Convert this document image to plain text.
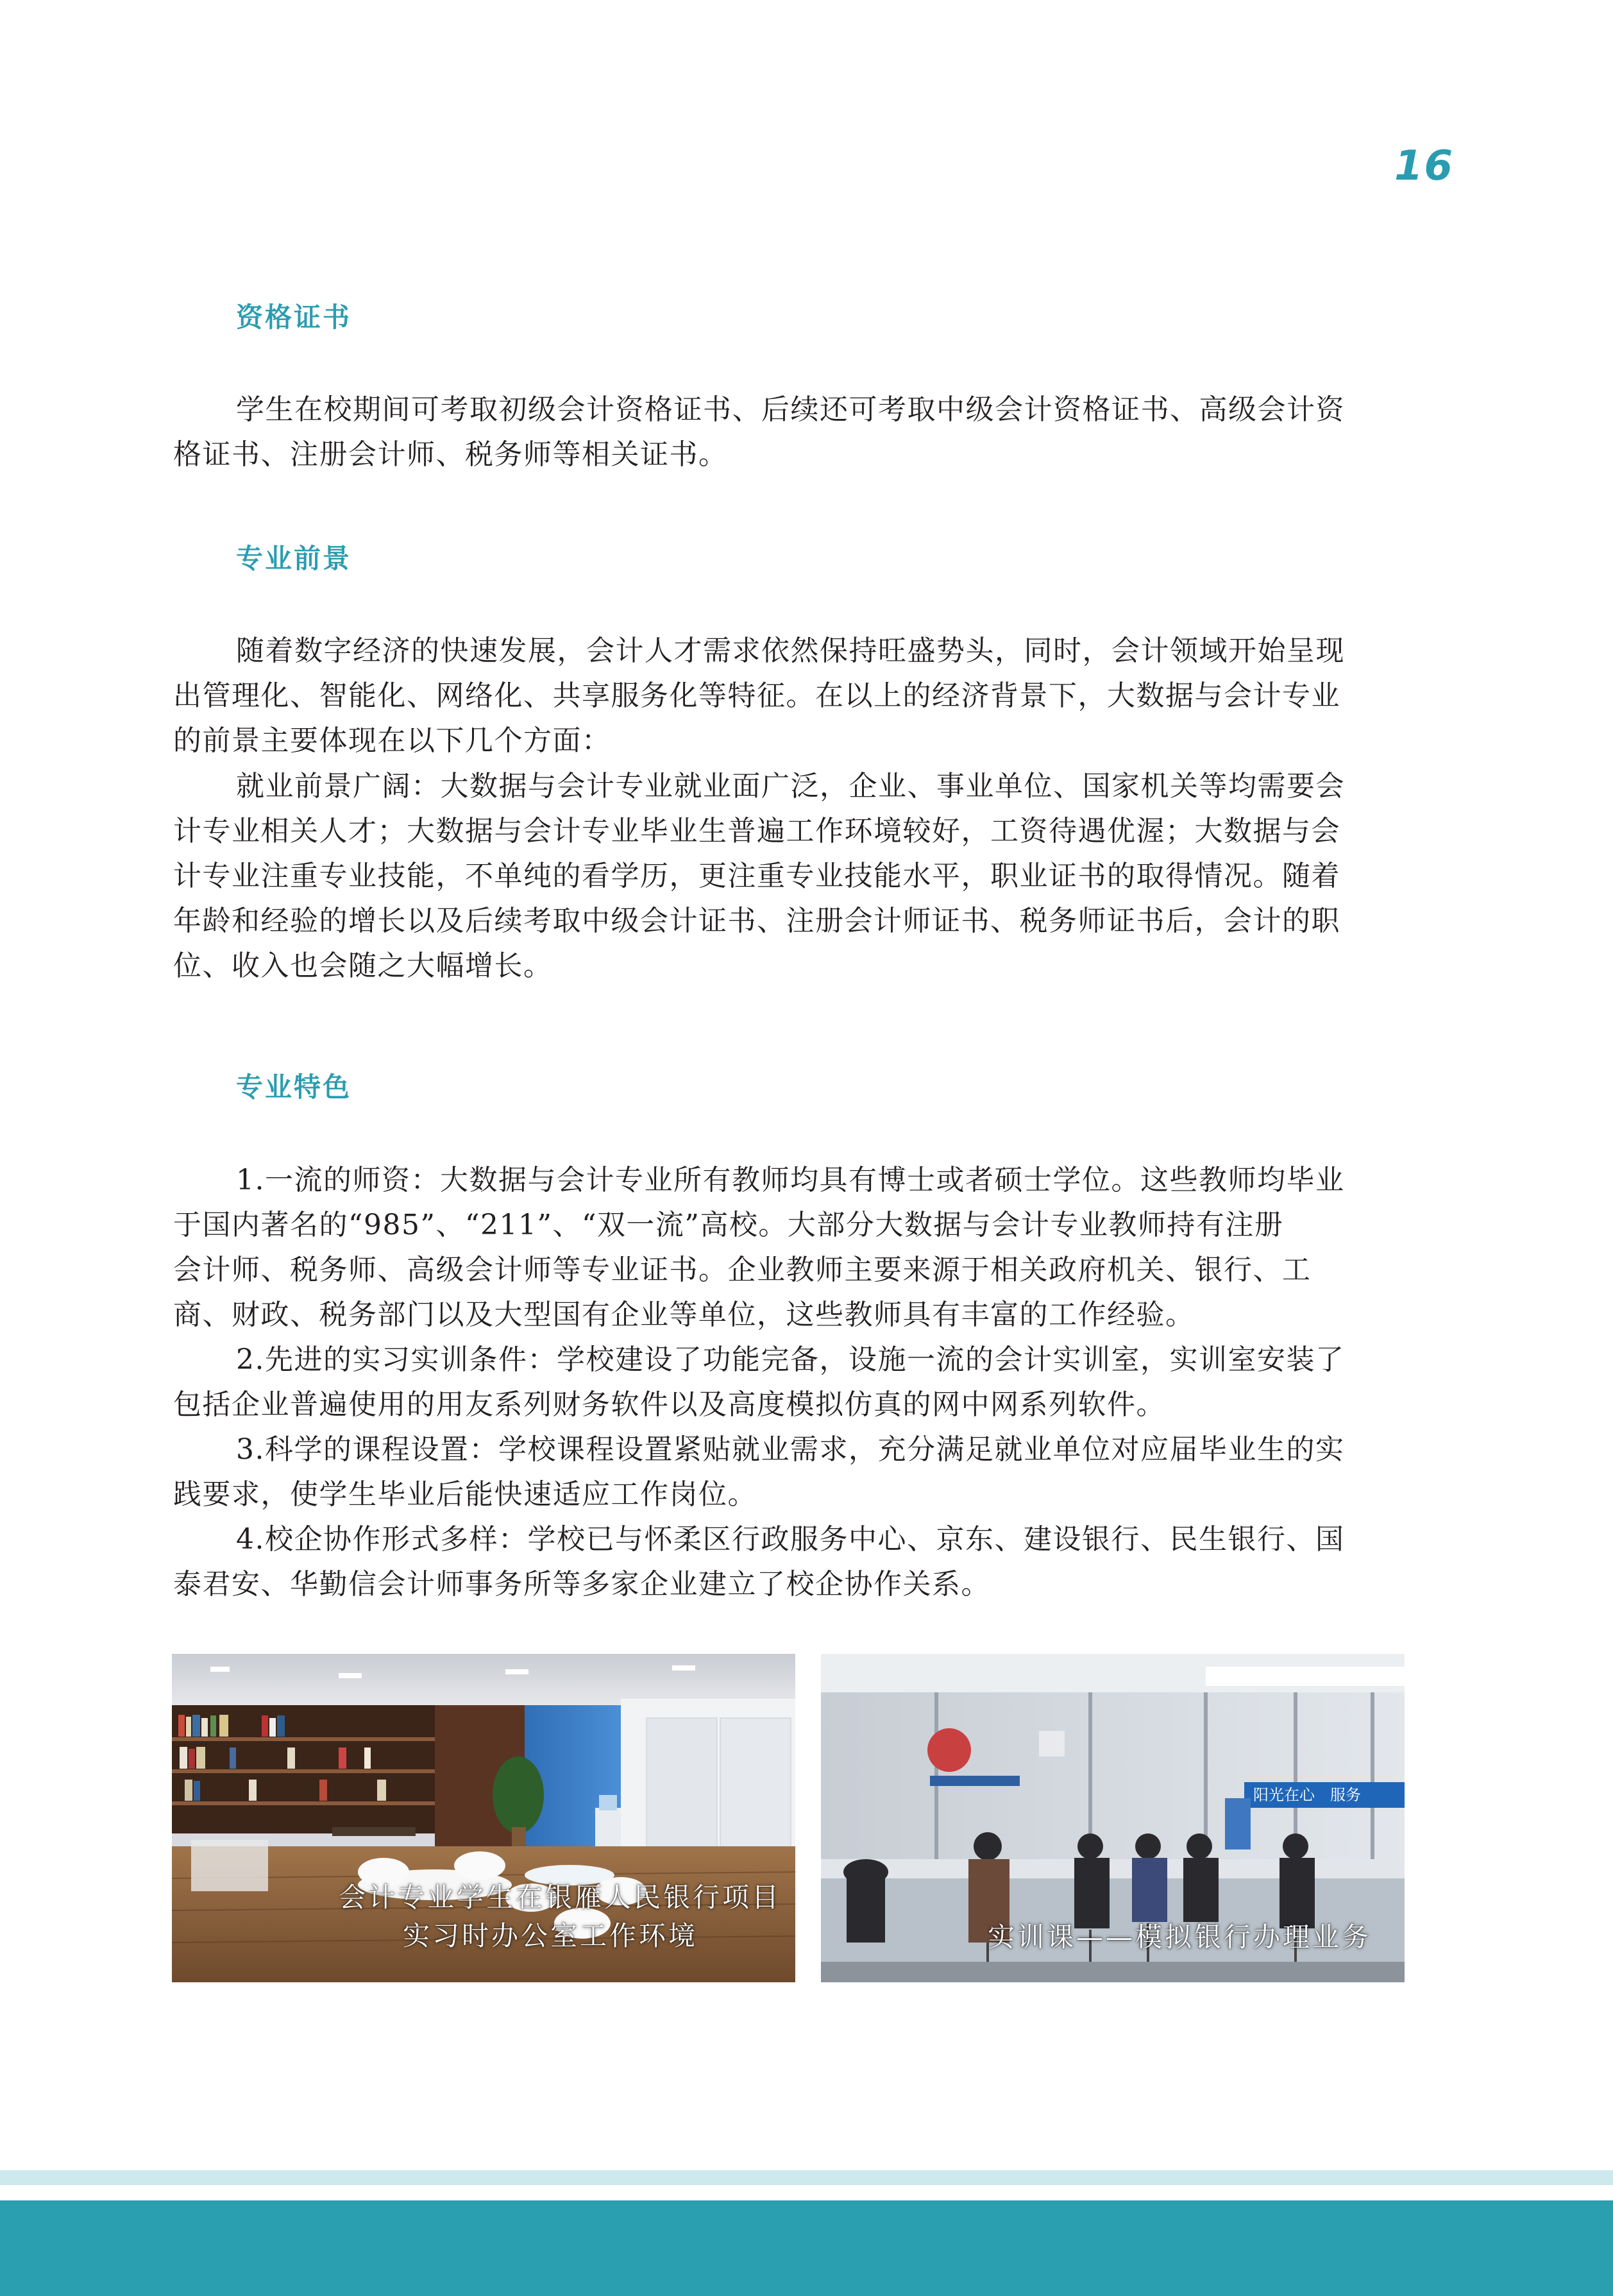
16
资格证书
学生在校期间可考取初级会计资格证书、后续还可考取中级会计资格证书、高级会计资
格证书、注册会计师、税务师等相关证书。
专业前景
随着数字经济的快速发展，会计人才需求依然保持旺盛势头，同时，会计领域开始呈现
出管理化、智能化、网络化、共享服务化等特征。在以上的经济背景下，大数据与会计专业
的前景主要体现在以下几个方面：
就业前景广阔：大数据与会计专业就业面广泛，企业、事业单位、国家机关等均需要会
计专业相关人才；大数据与会计专业毕业生普遍工作环境较好，工资待遇优渥；大数据与会
计专业注重专业技能，不单纯的看学历，更注重专业技能水平，职业证书的取得情况。随着
年龄和经验的增长以及后续考取中级会计证书、注册会计师证书、税务师证书后，会计的职
位、收入也会随之大幅增长。
专业特色
1.一流的师资：大数据与会计专业所有教师均具有博士或者硕士学位。这些教师均毕业
于国内著名的“985”、“211”、“双一流”高校。大部分大数据与会计专业教师持有注册
会计师、税务师、高级会计师等专业证书。企业教师主要来源于相关政府机关、银行、工
商、财政、税务部门以及大型国有企业等单位，这些教师具有丰富的工作经验。
2.先进的实习实训条件：学校建设了功能完备，设施一流的会计实训室，实训室安装了
包括企业普遍使用的用友系列财务软件以及高度模拟仿真的网中网系列软件。
3.科学的课程设置：学校课程设置紧贴就业需求，充分满足就业单位对应届毕业生的实
践要求，使学生毕业后能快速适应工作岗位。
4.校企协作形式多样：学校已与怀柔区行政服务中心、京东、建设银行、民生银行、国
泰君安、华勤信会计师事务所等多家企业建立了校企协作关系。
会计专业学生在银雁人民银行项目
实习时办公室工作环境
阳光在心　服务
实训课——模拟银行办理业务
